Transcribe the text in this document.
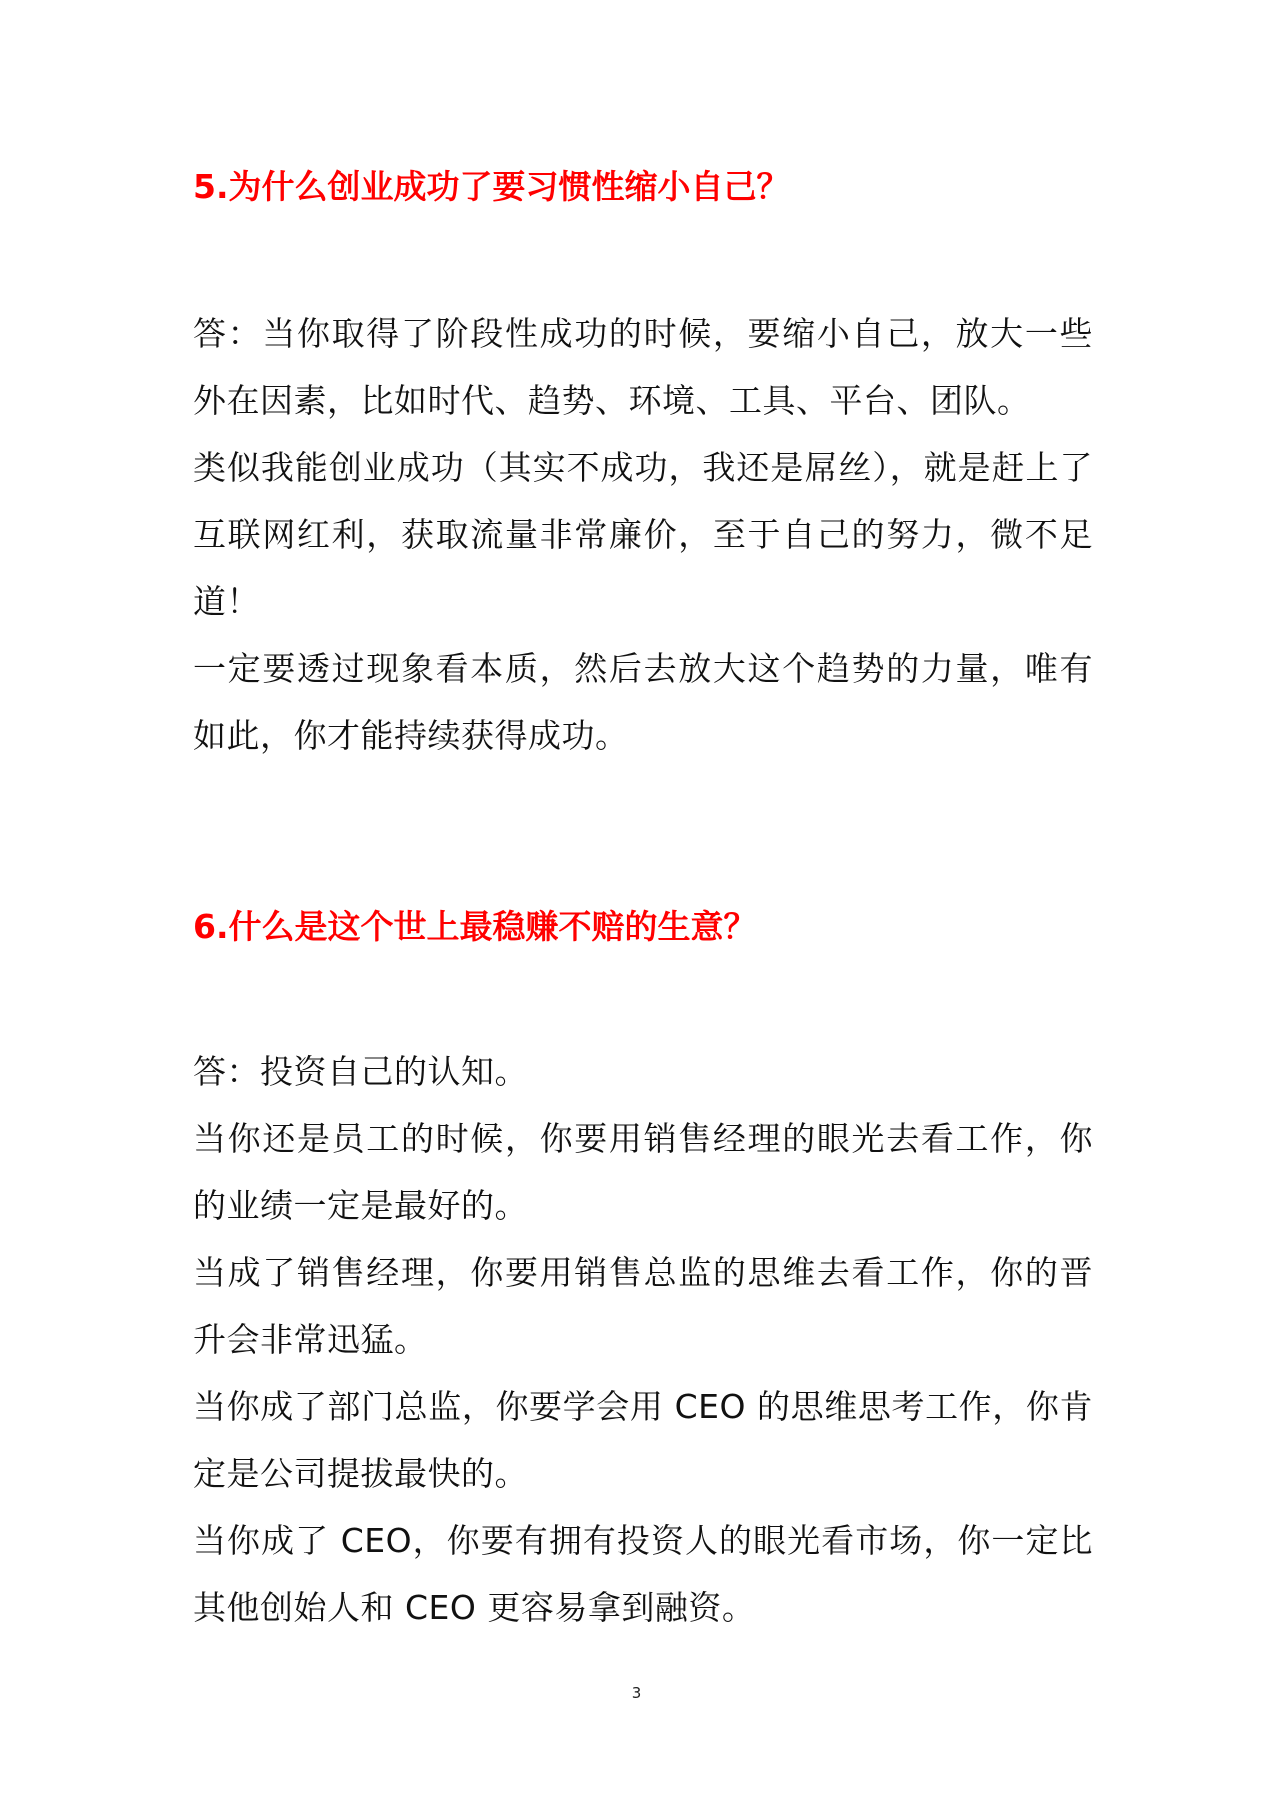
5.为什么创业成功了要习惯性缩小自己？

答：当你取得了阶段性成功的时候，要缩小自己，放大一些外在因素，比如时代、趋势、环境、工具、平台、团队。

类似我能创业成功（其实不成功，我还是屌丝），就是赶上了互联网红利，获取流量非常廉价，至于自己的努力，微不足道！

一定要透过现象看本质，然后去放大这个趋势的力量，唯有如此，你才能持续获得成功。

6.什么是这个世上最稳赚不赔的生意？

答：投资自己的认知。

当你还是员工的时候，你要用销售经理的眼光去看工作，你的业绩一定是最好的。

当成了销售经理，你要用销售总监的思维去看工作，你的晋升会非常迅猛。

当你成了部门总监，你要学会用 CEO 的思维思考工作，你肯定是公司提拔最快的。

当你成了 CEO，你要有拥有投资人的眼光看市场，你一定比其他创始人和 CEO 更容易拿到融资。

3
